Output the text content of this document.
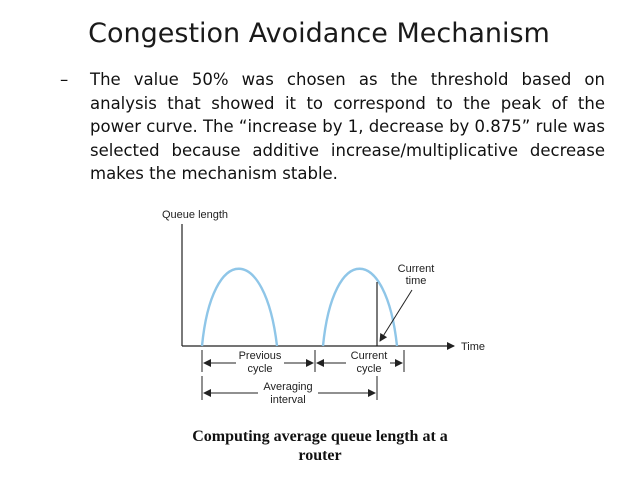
Congestion Avoidance Mechanism
–	The value 50% was chosen as the threshold based on analysis that showed it to correspond to the peak of the power curve. The “increase by 1, decrease by 0.875” rule was selected because additive increase/multiplicative decrease makes the mechanism stable.
Queue length
Time
Current
time
Previous
cycle
Current
cycle
Averaging
interval
Computing average queue length at a
router
